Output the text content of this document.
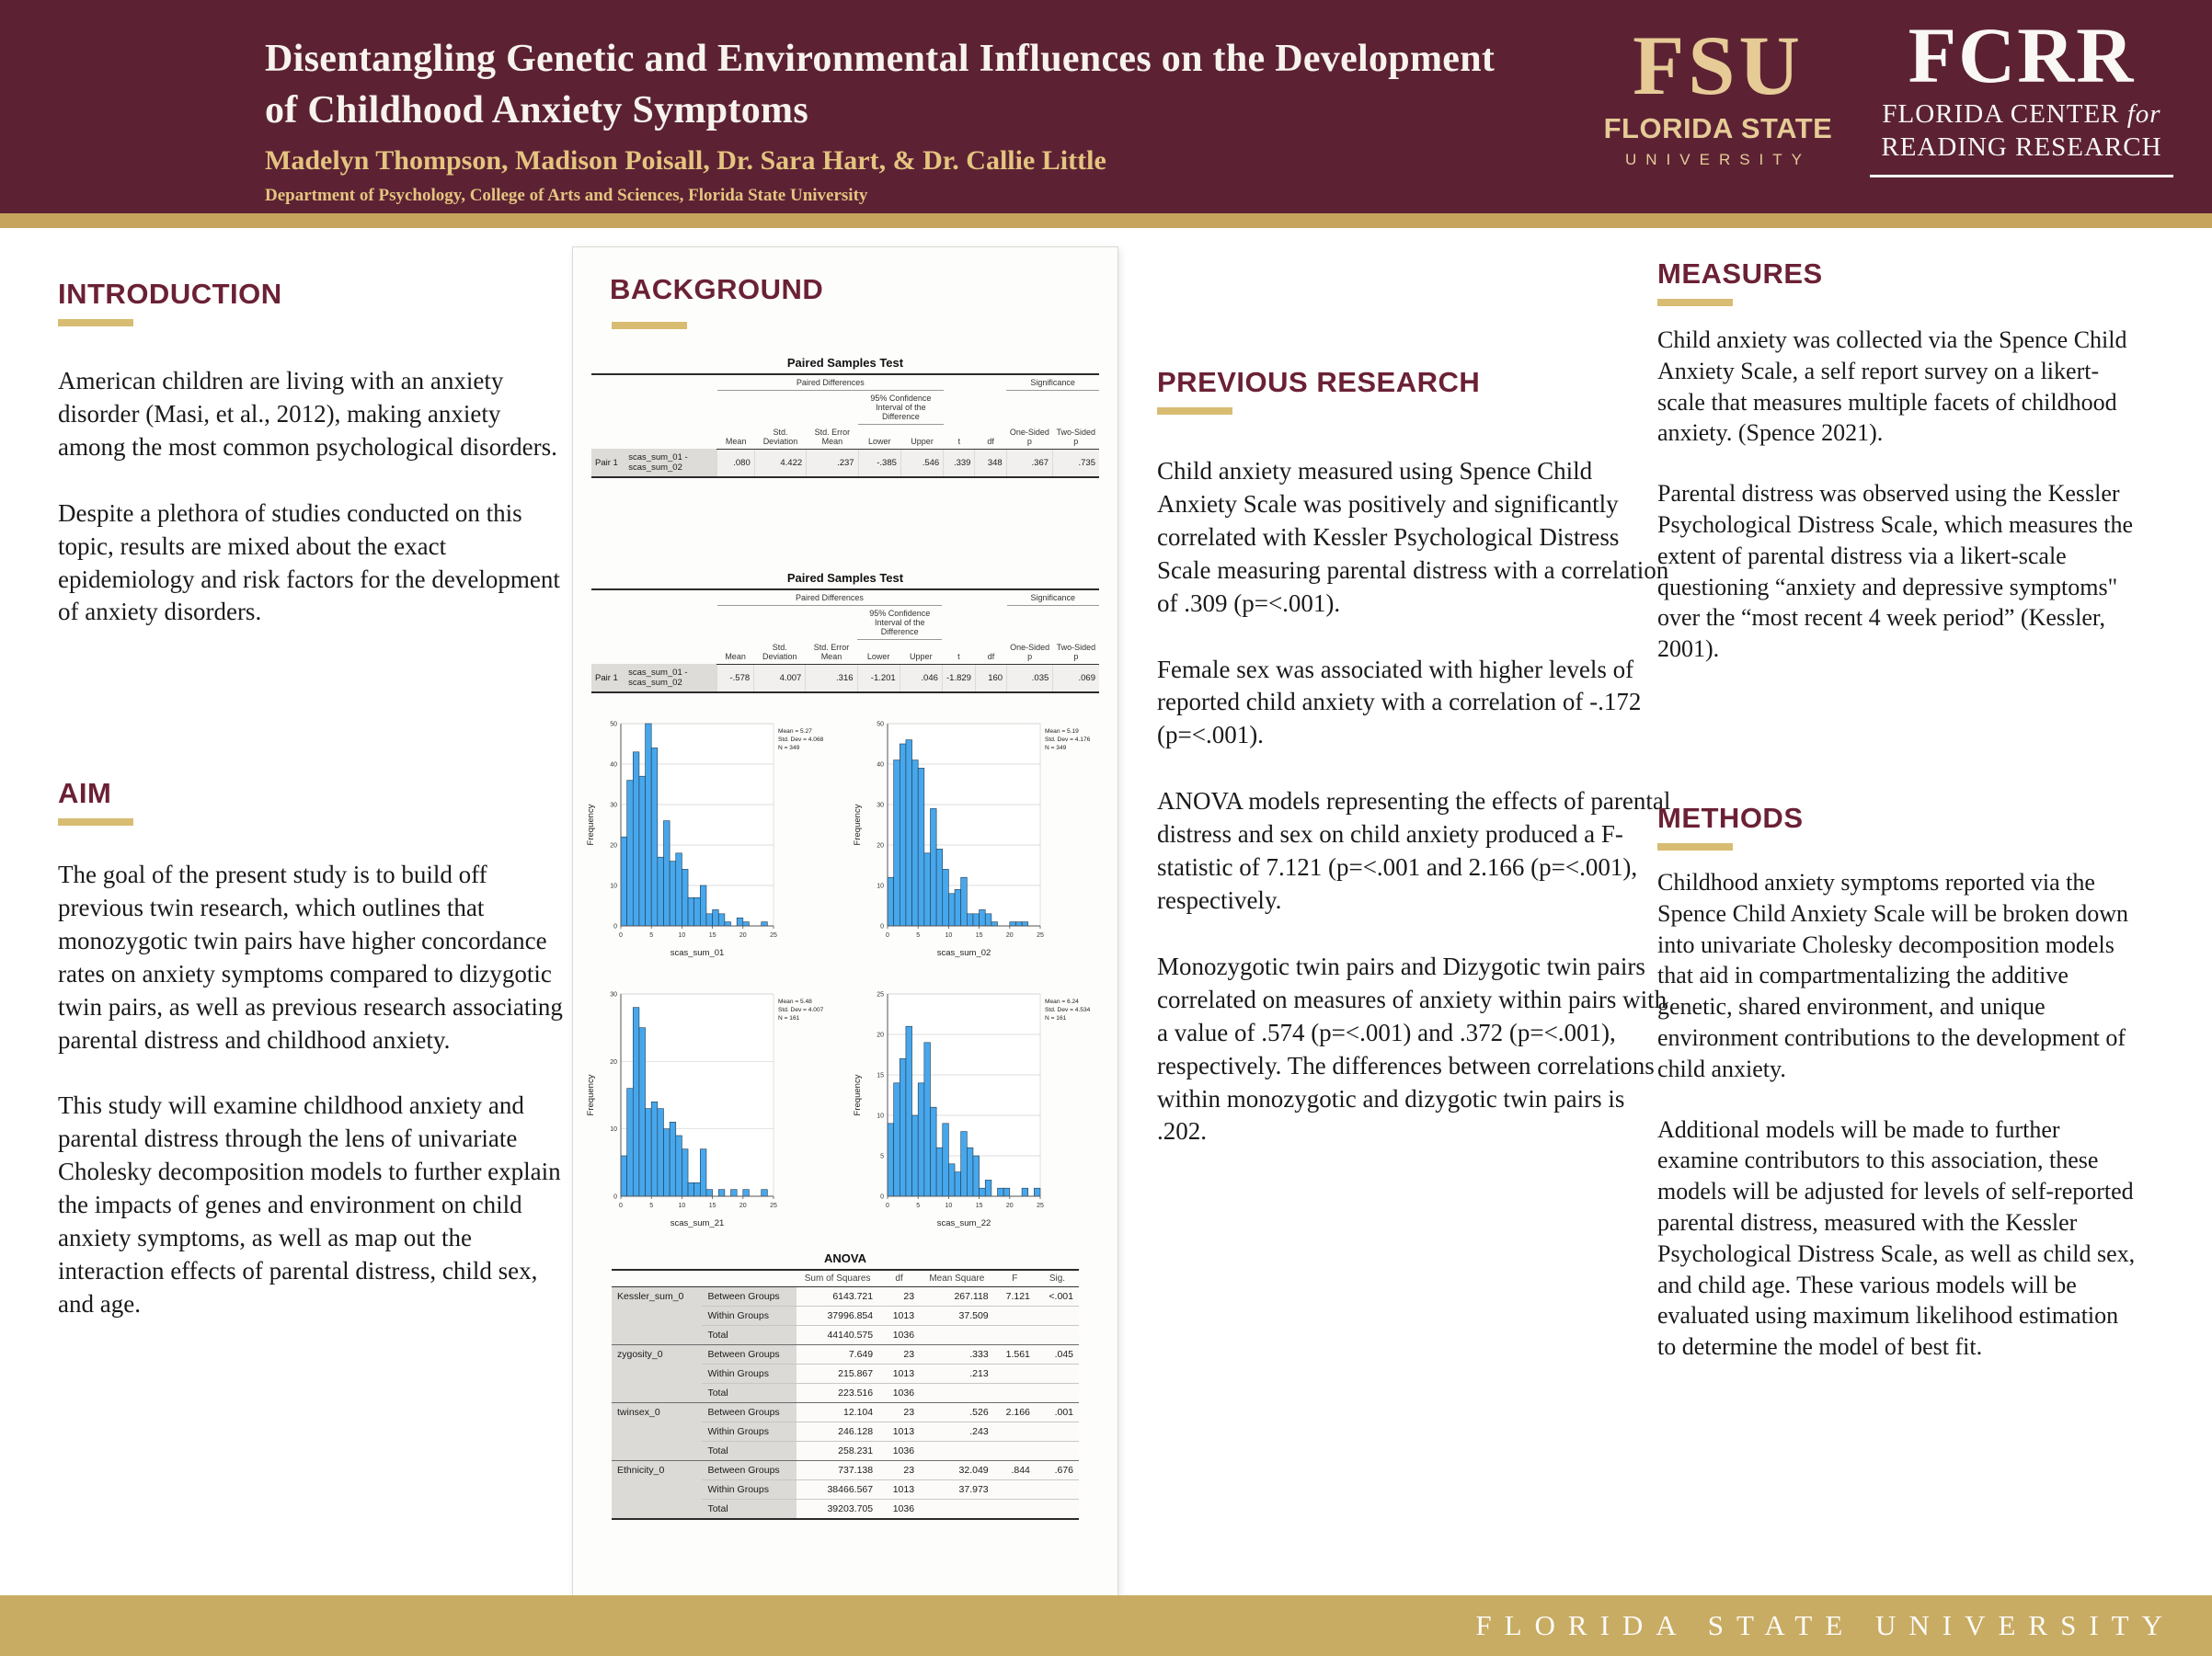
Disentangling Genetic and Environmental Influences on the Development
of Childhood Anxiety Symptoms
Madelyn Thompson, Madison Poisall, Dr. Sara Hart, & Dr. Callie Little
Department of Psychology, College of Arts and Sciences, Florida State University
FSU
FLORIDA STATE
UNIVERSITY
FCRR
FLORIDA CENTER for
READING RESEARCH
INTRODUCTION

American children are living with an anxiety disorder (Masi, et al., 2012), making anxiety among the most common psychological disorders.

Despite a plethora of studies conducted on this topic, results are mixed about the exact epidemiology and risk factors for the development of anxiety disorders.

AIM

The goal of the present study is to build off previous twin research, which outlines that monozygotic twin pairs have higher concordance rates on anxiety symptoms compared to dizygotic twin pairs, as well as previous research associating parental distress and childhood anxiety.

This study will examine childhood anxiety and parental distress through the lens of univariate Cholesky decomposition models to further explain the impacts of genes and environment on child anxiety symptoms, as well as map out the interaction effects of parental distress, child sex, and age.

BACKGROUND
Paired Samples Test
		Paired Differences							Significance	
					95% Confidence Interval of the Difference					
		Mean	Std. Deviation	Std. Error Mean	Lower	Upper	t	df	One-Sided p	Two-Sided p
Pair 1	scas_sum_01 - scas_sum_02	.080	4.422	.237	-.385	.546	.339	348	.367	.735
Paired Samples Test
		Paired Differences							Significance	
					95% Confidence Interval of the Difference					
		Mean	Std. Deviation	Std. Error Mean	Lower	Upper	t	df	One-Sided p	Two-Sided p
Pair 1	scas_sum_01 - scas_sum_02	-.578	4.007	.316	-1.201	.046	-1.829	160	.035	.069
0
10
20
30
40
50
0	5	10	15	20	25
Mean = 5.27
Std. Dev = 4.068
N = 349
scas_sum_01
Frequency
0
10
20
30
40
50
0	5	10	15	20	25
Mean = 5.19
Std. Dev = 4.176
N = 349
scas_sum_02
Frequency
0
10
20
30
0	5	10	15	20	25
Mean = 5.48
Std. Dev = 4.007
N = 161
scas_sum_21
Frequency
0
5
10
15
20
25
0	5	10	15	20	25
Mean = 6.24
Std. Dev = 4.534
N = 161
scas_sum_22
Frequency
ANOVA
		Sum of Squares	df	Mean Square	F	Sig.
Kessler_sum_0	Between Groups	6143.721	23	267.118	7.121	<.001
	Within Groups	37996.854	1013	37.509		
	Total	44140.575	1036			
zygosity_0	Between Groups	7.649	23	.333	1.561	.045
	Within Groups	215.867	1013	.213		
	Total	223.516	1036			
twinsex_0	Between Groups	12.104	23	.526	2.166	.001
	Within Groups	246.128	1013	.243		
	Total	258.231	1036			
Ethnicity_0	Between Groups	737.138	23	32.049	.844	.676
	Within Groups	38466.567	1013	37.973		
	Total	39203.705	1036			
PREVIOUS RESEARCH

Child anxiety measured using Spence Child Anxiety Scale was positively and significantly correlated with Kessler Psychological Distress Scale measuring parental distress with a correlation of .309 (p=<.001).

Female sex was associated with higher levels of reported child anxiety with a correlation of -.172 (p=<.001).

ANOVA models representing the effects of parental distress and sex on child anxiety produced a F-statistic of 7.121 (p=<.001 and 2.166 (p=<.001), respectively.

Monozygotic twin pairs and Dizygotic twin pairs correlated on measures of anxiety within pairs with a value of .574 (p=<.001) and .372 (p=<.001), respectively. The differences between correlations within monozygotic and dizygotic twin pairs is .202.

MEASURES

Child anxiety was collected via the Spence Child Anxiety Scale, a self report survey on a likert-scale that measures multiple facets of childhood anxiety. (Spence 2021).

Parental distress was observed using the Kessler Psychological Distress Scale, which measures the extent of parental distress via a likert-scale questioning “anxiety and depressive symptoms" over the “most recent 4 week period” (Kessler, 2001).

METHODS

Childhood anxiety symptoms reported via the Spence Child Anxiety Scale will be broken down into univariate Cholesky decomposition models that aid in compartmentalizing the additive genetic, shared environment, and unique environment contributions to the development of child anxiety.

Additional models will be made to further examine contributors to this association, these models will be adjusted for levels of self-reported parental distress, measured with the Kessler Psychological Distress Scale, as well as child sex, and child age. These various models will be evaluated using maximum likelihood estimation to determine the model of best fit.

FLORIDA STATE UNIVERSITY
